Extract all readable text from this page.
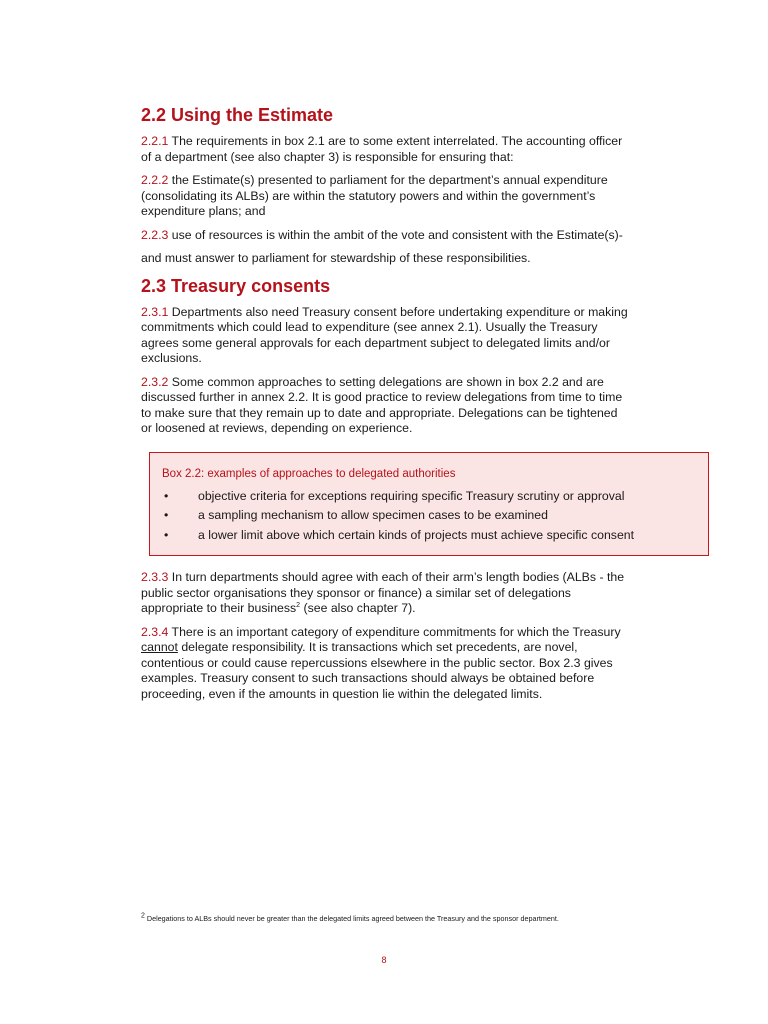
2.2 Using the Estimate

2.2.1 The requirements in box 2.1 are to some extent interrelated. The accounting officer of a department (see also chapter 3) is responsible for ensuring that:

2.2.2 the Estimate(s) presented to parliament for the department’s annual expenditure (consolidating its ALBs) are within the statutory powers and within the government’s expenditure plans; and

2.2.3 use of resources is within the ambit of the vote and consistent with the Estimate(s)-

and must answer to parliament for stewardship of these responsibilities.

2.3 Treasury consents

2.3.1 Departments also need Treasury consent before undertaking expenditure or making commitments which could lead to expenditure (see annex 2.1). Usually the Treasury agrees some general approvals for each department subject to delegated limits and/or exclusions.

2.3.2 Some common approaches to setting delegations are shown in box 2.2 and are discussed further in annex 2.2. It is good practice to review delegations from time to time to make sure that they remain up to date and appropriate. Delegations can be tightened or loosened at reviews, depending on experience.

Box 2.2: examples of approaches to delegated authorities
• objective criteria for exceptions requiring specific Treasury scrutiny or approval
• a sampling mechanism to allow specimen cases to be examined
• a lower limit above which certain kinds of projects must achieve specific consent

2.3.3 In turn departments should agree with each of their arm’s length bodies (ALBs - the public sector organisations they sponsor or finance) a similar set of delegations appropriate to their business$^2$ (see also chapter 7).

2.3.4 There is an important category of expenditure commitments for which the Treasury cannot delegate responsibility. It is transactions which set precedents, are novel, contentious or could cause repercussions elsewhere in the public sector. Box 2.3 gives examples. Treasury consent to such transactions should always be obtained before proceeding, even if the amounts in question lie within the delegated limits.

$^2$ Delegations to ALBs should never be greater than the delegated limits agreed between the Treasury and the sponsor department.
8
